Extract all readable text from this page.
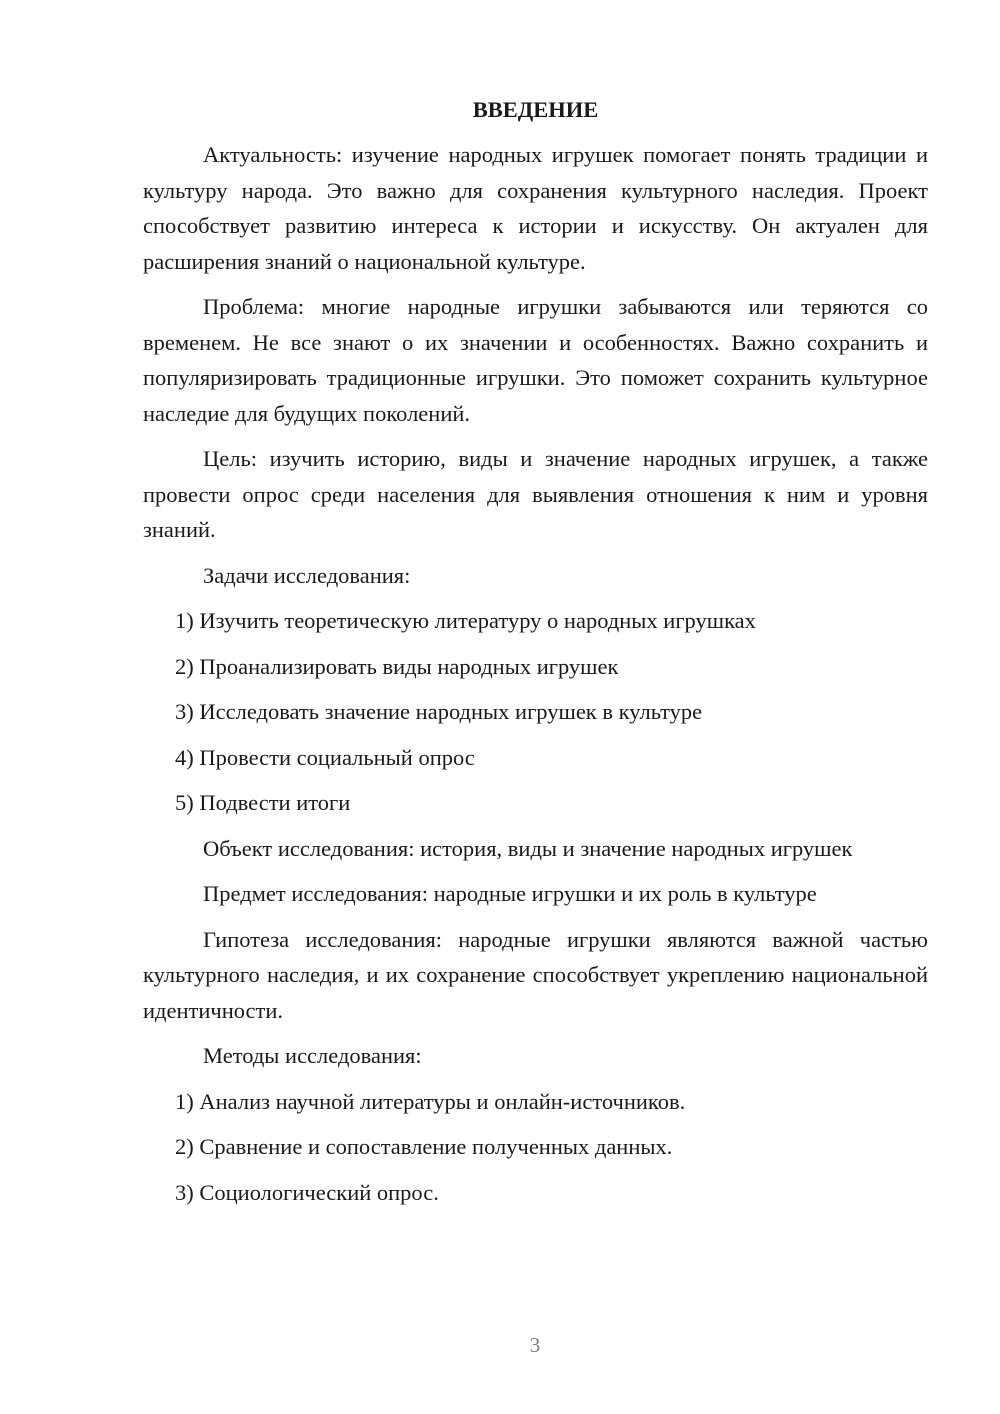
ВВЕДЕНИЕ

Актуальность: изучение народных игрушек помогает понять традиции и культуру народа. Это важно для сохранения культурного наследия. Проект способствует развитию интереса к истории и искусству. Он актуален для расширения знаний о национальной культуре.

Проблема: многие народные игрушки забываются или теряются со временем. Не все знают о их значении и особенностях. Важно сохранить и популяризировать традиционные игрушки. Это поможет сохранить культурное наследие для будущих поколений.

Цель: изучить историю, виды и значение народных игрушек, а также провести опрос среди населения для выявления отношения к ним и уровня знаний.

Задачи исследования:

1) Изучить теоретическую литературу о народных игрушках
2) Проанализировать виды народных игрушек
3) Исследовать значение народных игрушек в культуре
4) Провести социальный опрос
5) Подвести итоги

Объект исследования: история, виды и значение народных игрушек

Предмет исследования: народные игрушки и их роль в культуре

Гипотеза исследования: народные игрушки являются важной частью культурного наследия, и их сохранение способствует укреплению национальной идентичности.

Методы исследования:

1) Анализ научной литературы и онлайн-источников.
2) Сравнение и сопоставление полученных данных.
3) Социологический опрос.
3
